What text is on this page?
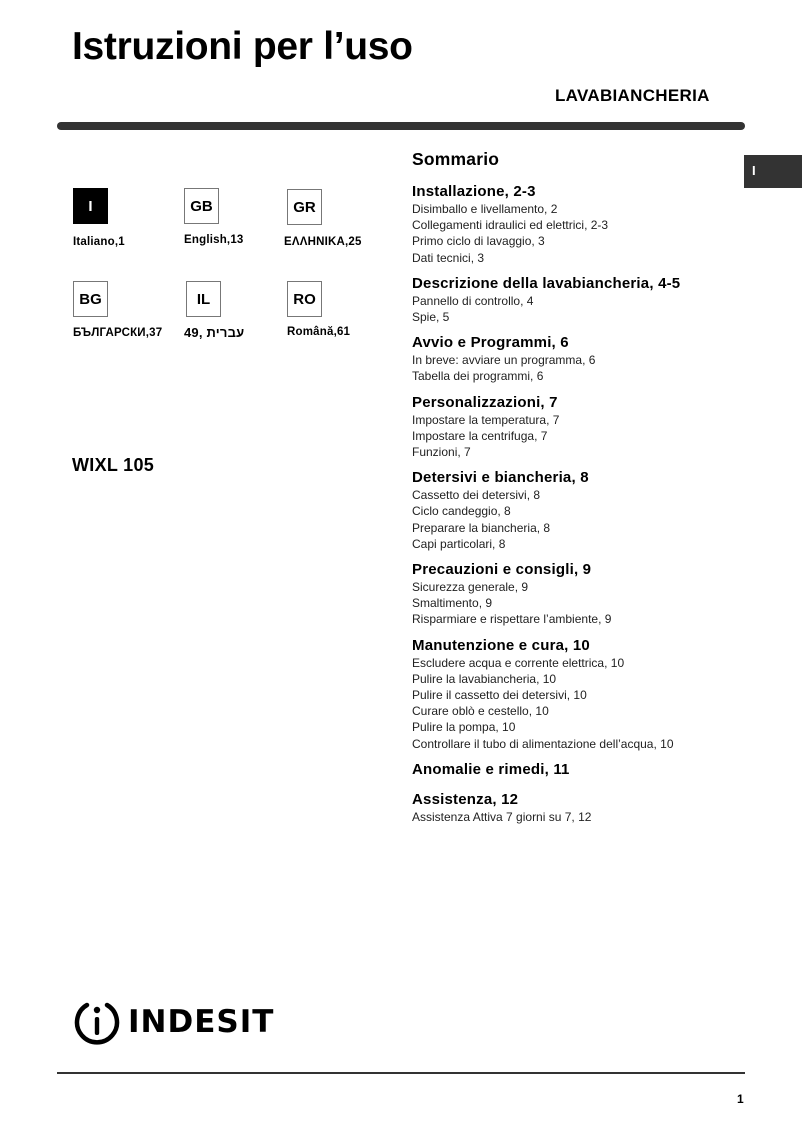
Istruzioni per l’uso
LAVABIANCHERIA
I
I
Italiano,1
GB
English,13
GR
ΕΛΛΗΝΙΚΑ,25
BG
БЪЛГАРСКИ,37
IL
עברית ,49
RO
Română,61
WIXL 105
Sommario
Installazione, 2-3
Disimballo e livellamento, 2
Collegamenti idraulici ed elettrici, 2-3
Primo ciclo di lavaggio, 3
Dati tecnici, 3
Descrizione della lavabiancheria, 4-5
Pannello di controllo, 4
Spie, 5
Avvio e Programmi, 6
In breve: avviare un programma, 6
Tabella dei programmi, 6
Personalizzazioni, 7
Impostare la temperatura, 7
Impostare la centrifuga, 7
Funzioni, 7
Detersivi e biancheria, 8
Cassetto dei detersivi, 8
Ciclo candeggio, 8
Preparare la biancheria, 8
Capi particolari, 8
Precauzioni e consigli, 9
Sicurezza generale, 9
Smaltimento, 9
Risparmiare e rispettare l’ambiente, 9
Manutenzione e cura, 10
Escludere acqua e corrente elettrica, 10
Pulire la lavabiancheria, 10
Pulire il cassetto dei detersivi, 10
Curare oblò e cestello, 10
Pulire la pompa, 10
Controllare il tubo di alimentazione dell’acqua, 10
Anomalie e rimedi, 11
Assistenza, 12
Assistenza Attiva 7 giorni su 7, 12
INDESIT
1
